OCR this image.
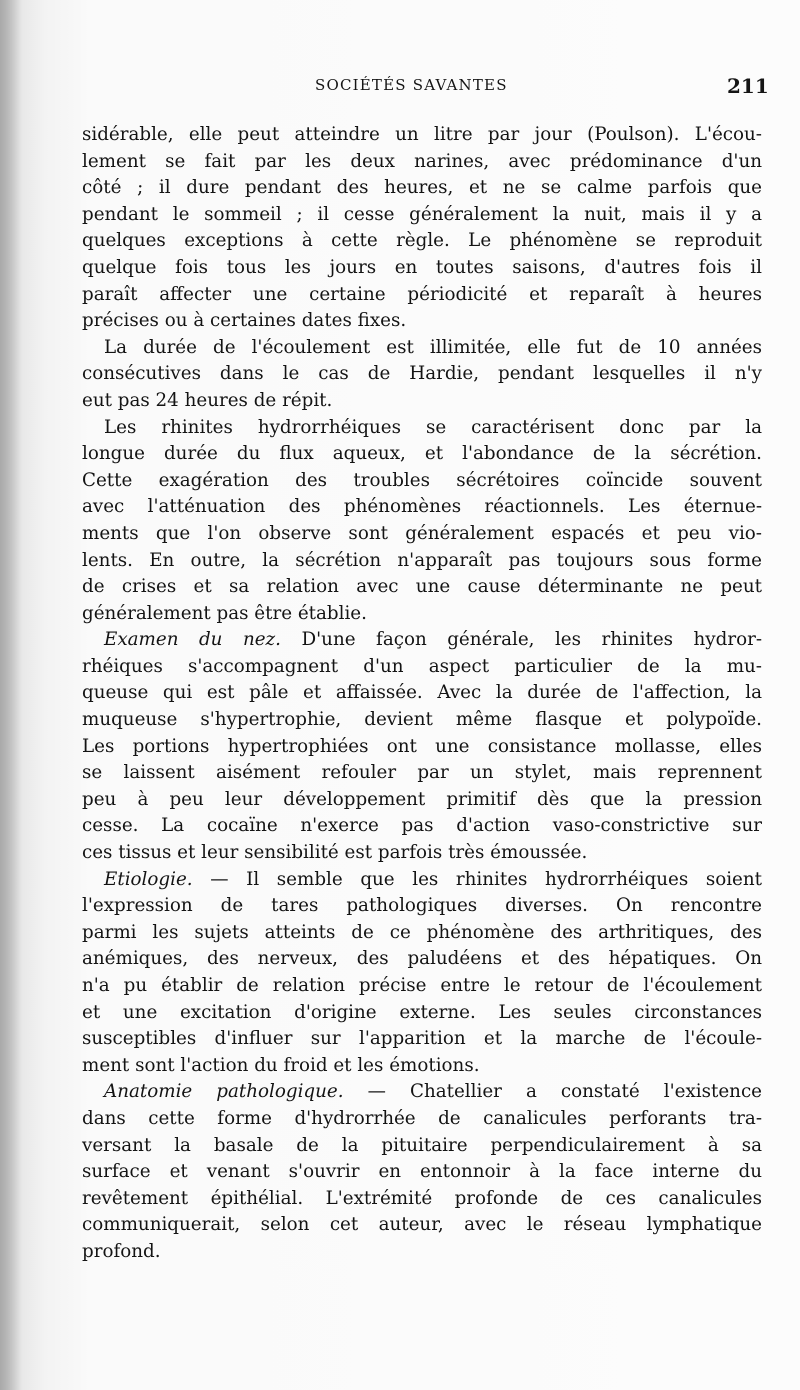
SOCIÉTÉS SAVANTES	211
sidérable, elle peut atteindre un litre par jour (Poulson). L'écou-
lement se fait par les deux narines, avec prédominance d'un
côté ; il dure pendant des heures, et ne se calme parfois que
pendant le sommeil ; il cesse généralement la nuit, mais il y a
quelques exceptions à cette règle. Le phénomène se reproduit
quelque fois tous les jours en toutes saisons, d'autres fois il
paraît affecter une certaine périodicité et reparaît à heures
précises ou à certaines dates fixes.
La durée de l'écoulement est illimitée, elle fut de 10 années
consécutives dans le cas de Hardie, pendant lesquelles il n'y
eut pas 24 heures de répit.
Les rhinites hydrorrhéiques se caractérisent donc par la
longue durée du flux aqueux, et l'abondance de la sécrétion.
Cette exagération des troubles sécrétoires coïncide souvent
avec l'atténuation des phénomènes réactionnels. Les éternue-
ments que l'on observe sont généralement espacés et peu vio-
lents. En outre, la sécrétion n'apparaît pas toujours sous forme
de crises et sa relation avec une cause déterminante ne peut
généralement pas être établie.
Examen du nez. D'une façon générale, les rhinites hydror-
rhéiques s'accompagnent d'un aspect particulier de la mu-
queuse qui est pâle et affaissée. Avec la durée de l'affection, la
muqueuse s'hypertrophie, devient même flasque et polypoïde.
Les portions hypertrophiées ont une consistance mollasse, elles
se laissent aisément refouler par un stylet, mais reprennent
peu à peu leur développement primitif dès que la pression
cesse. La cocaïne n'exerce pas d'action vaso-constrictive sur
ces tissus et leur sensibilité est parfois très émoussée.
Etiologie. — Il semble que les rhinites hydrorrhéiques soient
l'expression de tares pathologiques diverses. On rencontre
parmi les sujets atteints de ce phénomène des arthritiques, des
anémiques, des nerveux, des paludéens et des hépatiques. On
n'a pu établir de relation précise entre le retour de l'écoulement
et une excitation d'origine externe. Les seules circonstances
susceptibles d'influer sur l'apparition et la marche de l'écoule-
ment sont l'action du froid et les émotions.
Anatomie pathologique. — Chatellier a constaté l'existence
dans cette forme d'hydrorrhée de canalicules perforants tra-
versant la basale de la pituitaire perpendiculairement à sa
surface et venant s'ouvrir en entonnoir à la face interne du
revêtement épithélial. L'extrémité profonde de ces canalicules
communiquerait, selon cet auteur, avec le réseau lymphatique
profond.
